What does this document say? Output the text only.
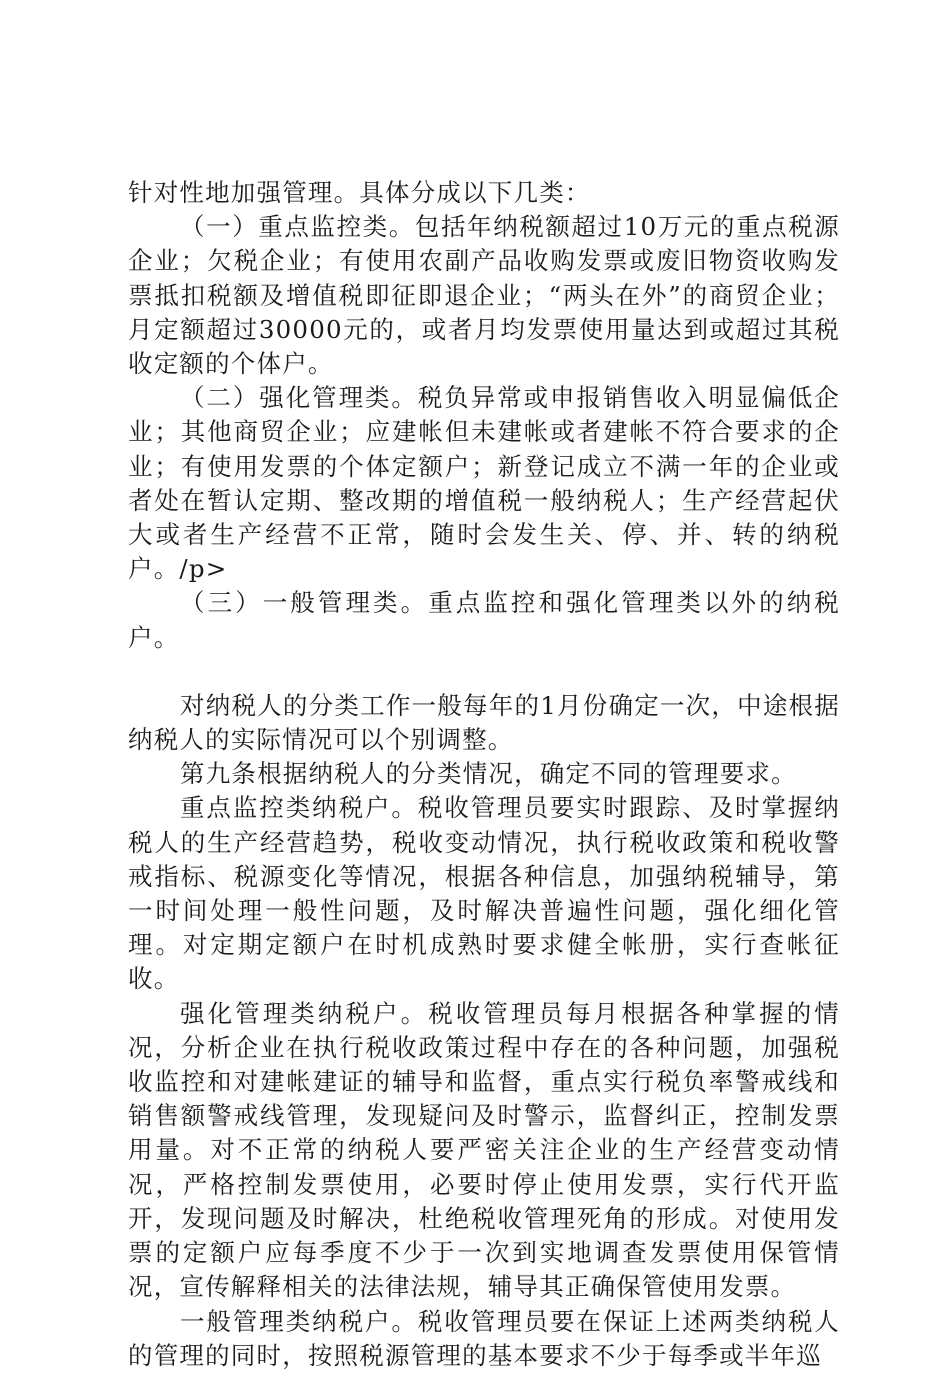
针对性地加强管理。具体分成以下几类：

（一）重点监控类。包括年纳税额超过10万元的重点税源企业；欠税企业；有使用农副产品收购发票或废旧物资收购发票抵扣税额及增值税即征即退企业；“两头在外”的商贸企业；月定额超过30000元的，或者月均发票使用量达到或超过其税收定额的个体户。

（二）强化管理类。税负异常或申报销售收入明显偏低企业；其他商贸企业；应建帐但未建帐或者建帐不符合要求的企业；有使用发票的个体定额户；新登记成立不满一年的企业或者处在暂认定期、整改期的增值税一般纳税人；生产经营起伏大或者生产经营不正常，随时会发生关、停、并、转的纳税户。/p>

（三）一般管理类。重点监控和强化管理类以外的纳税户。

对纳税人的分类工作一般每年的1月份确定一次，中途根据纳税人的实际情况可以个别调整。

第九条根据纳税人的分类情况，确定不同的管理要求。

重点监控类纳税户。税收管理员要实时跟踪、及时掌握纳税人的生产经营趋势，税收变动情况，执行税收政策和税收警戒指标、税源变化等情况，根据各种信息，加强纳税辅导，第一时间处理一般性问题，及时解决普遍性问题，强化细化管理。对定期定额户在时机成熟时要求健全帐册，实行查帐征收。

强化管理类纳税户。税收管理员每月根据各种掌握的情况，分析企业在执行税收政策过程中存在的各种问题，加强税收监控和对建帐建证的辅导和监督，重点实行税负率警戒线和销售额警戒线管理，发现疑问及时警示，监督纠正，控制发票用量。对不正常的纳税人要严密关注企业的生产经营变动情况，严格控制发票使用，必要时停止使用发票，实行代开监开，发现问题及时解决，杜绝税收管理死角的形成。对使用发票的定额户应每季度不少于一次到实地调查发票使用保管情况，宣传解释相关的法律法规，辅导其正确保管使用发票。

一般管理类纳税户。税收管理员要在保证上述两类纳税人的管理的同时，按照税源管理的基本要求不少于每季或半年巡
